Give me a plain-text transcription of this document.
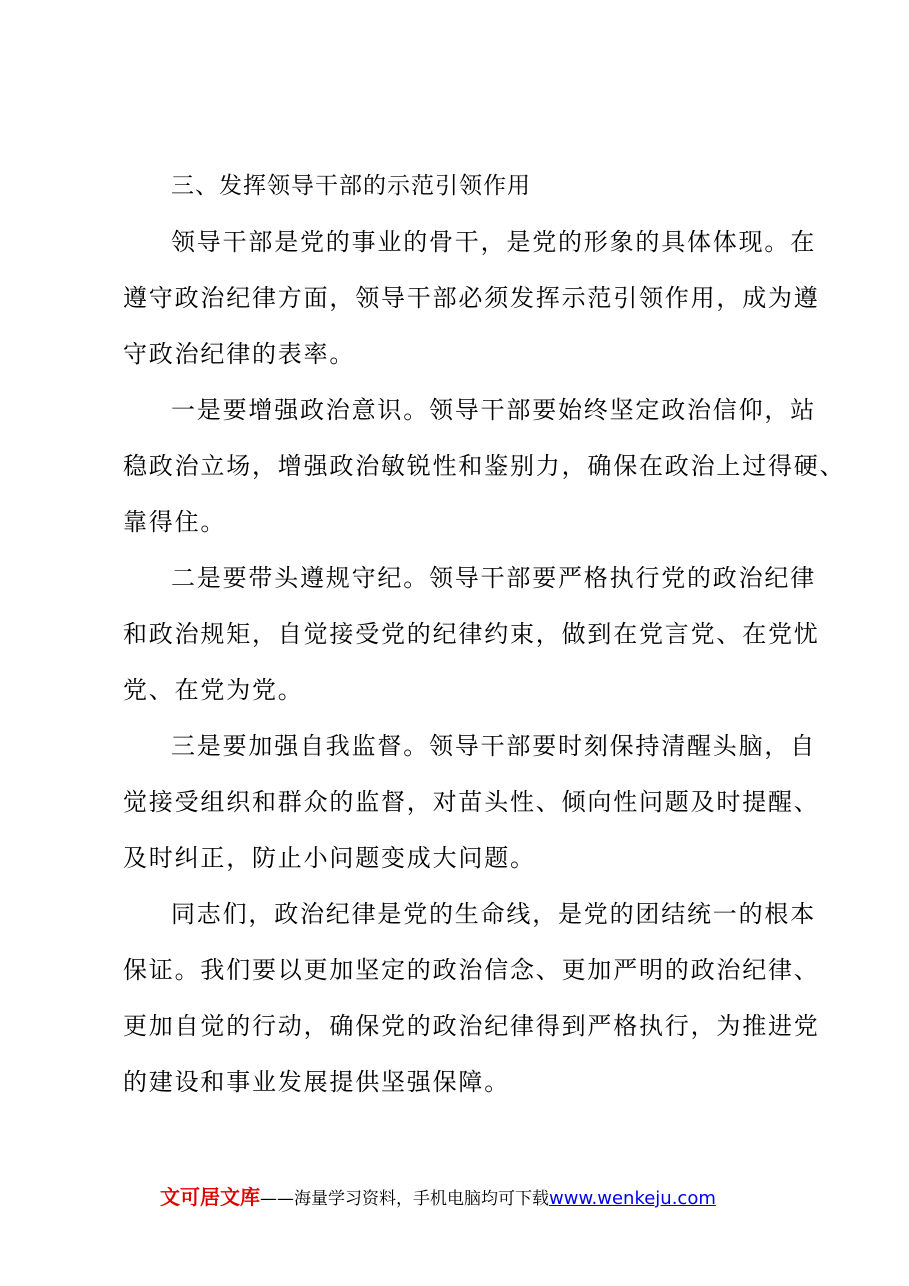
三、发挥领导干部的示范引领作用

领导干部是党的事业的骨干，是党的形象的具体体现。在
遵守政治纪律方面，领导干部必须发挥示范引领作用，成为遵
守政治纪律的表率。

一是要增强政治意识。领导干部要始终坚定政治信仰，站
稳政治立场，增强政治敏锐性和鉴别力，确保在政治上过得硬、
靠得住。

二是要带头遵规守纪。领导干部要严格执行党的政治纪律
和政治规矩，自觉接受党的纪律约束，做到在党言党、在党忧
党、在党为党。

三是要加强自我监督。领导干部要时刻保持清醒头脑，自
觉接受组织和群众的监督，对苗头性、倾向性问题及时提醒、
及时纠正，防止小问题变成大问题。

同志们，政治纪律是党的生命线，是党的团结统一的根本
保证。我们要以更加坚定的政治信念、更加严明的政治纪律、
更加自觉的行动，确保党的政治纪律得到严格执行，为推进党
的建设和事业发展提供坚强保障。

文可居文库——海量学习资料，手机电脑均可下载www.wenkeju.com
